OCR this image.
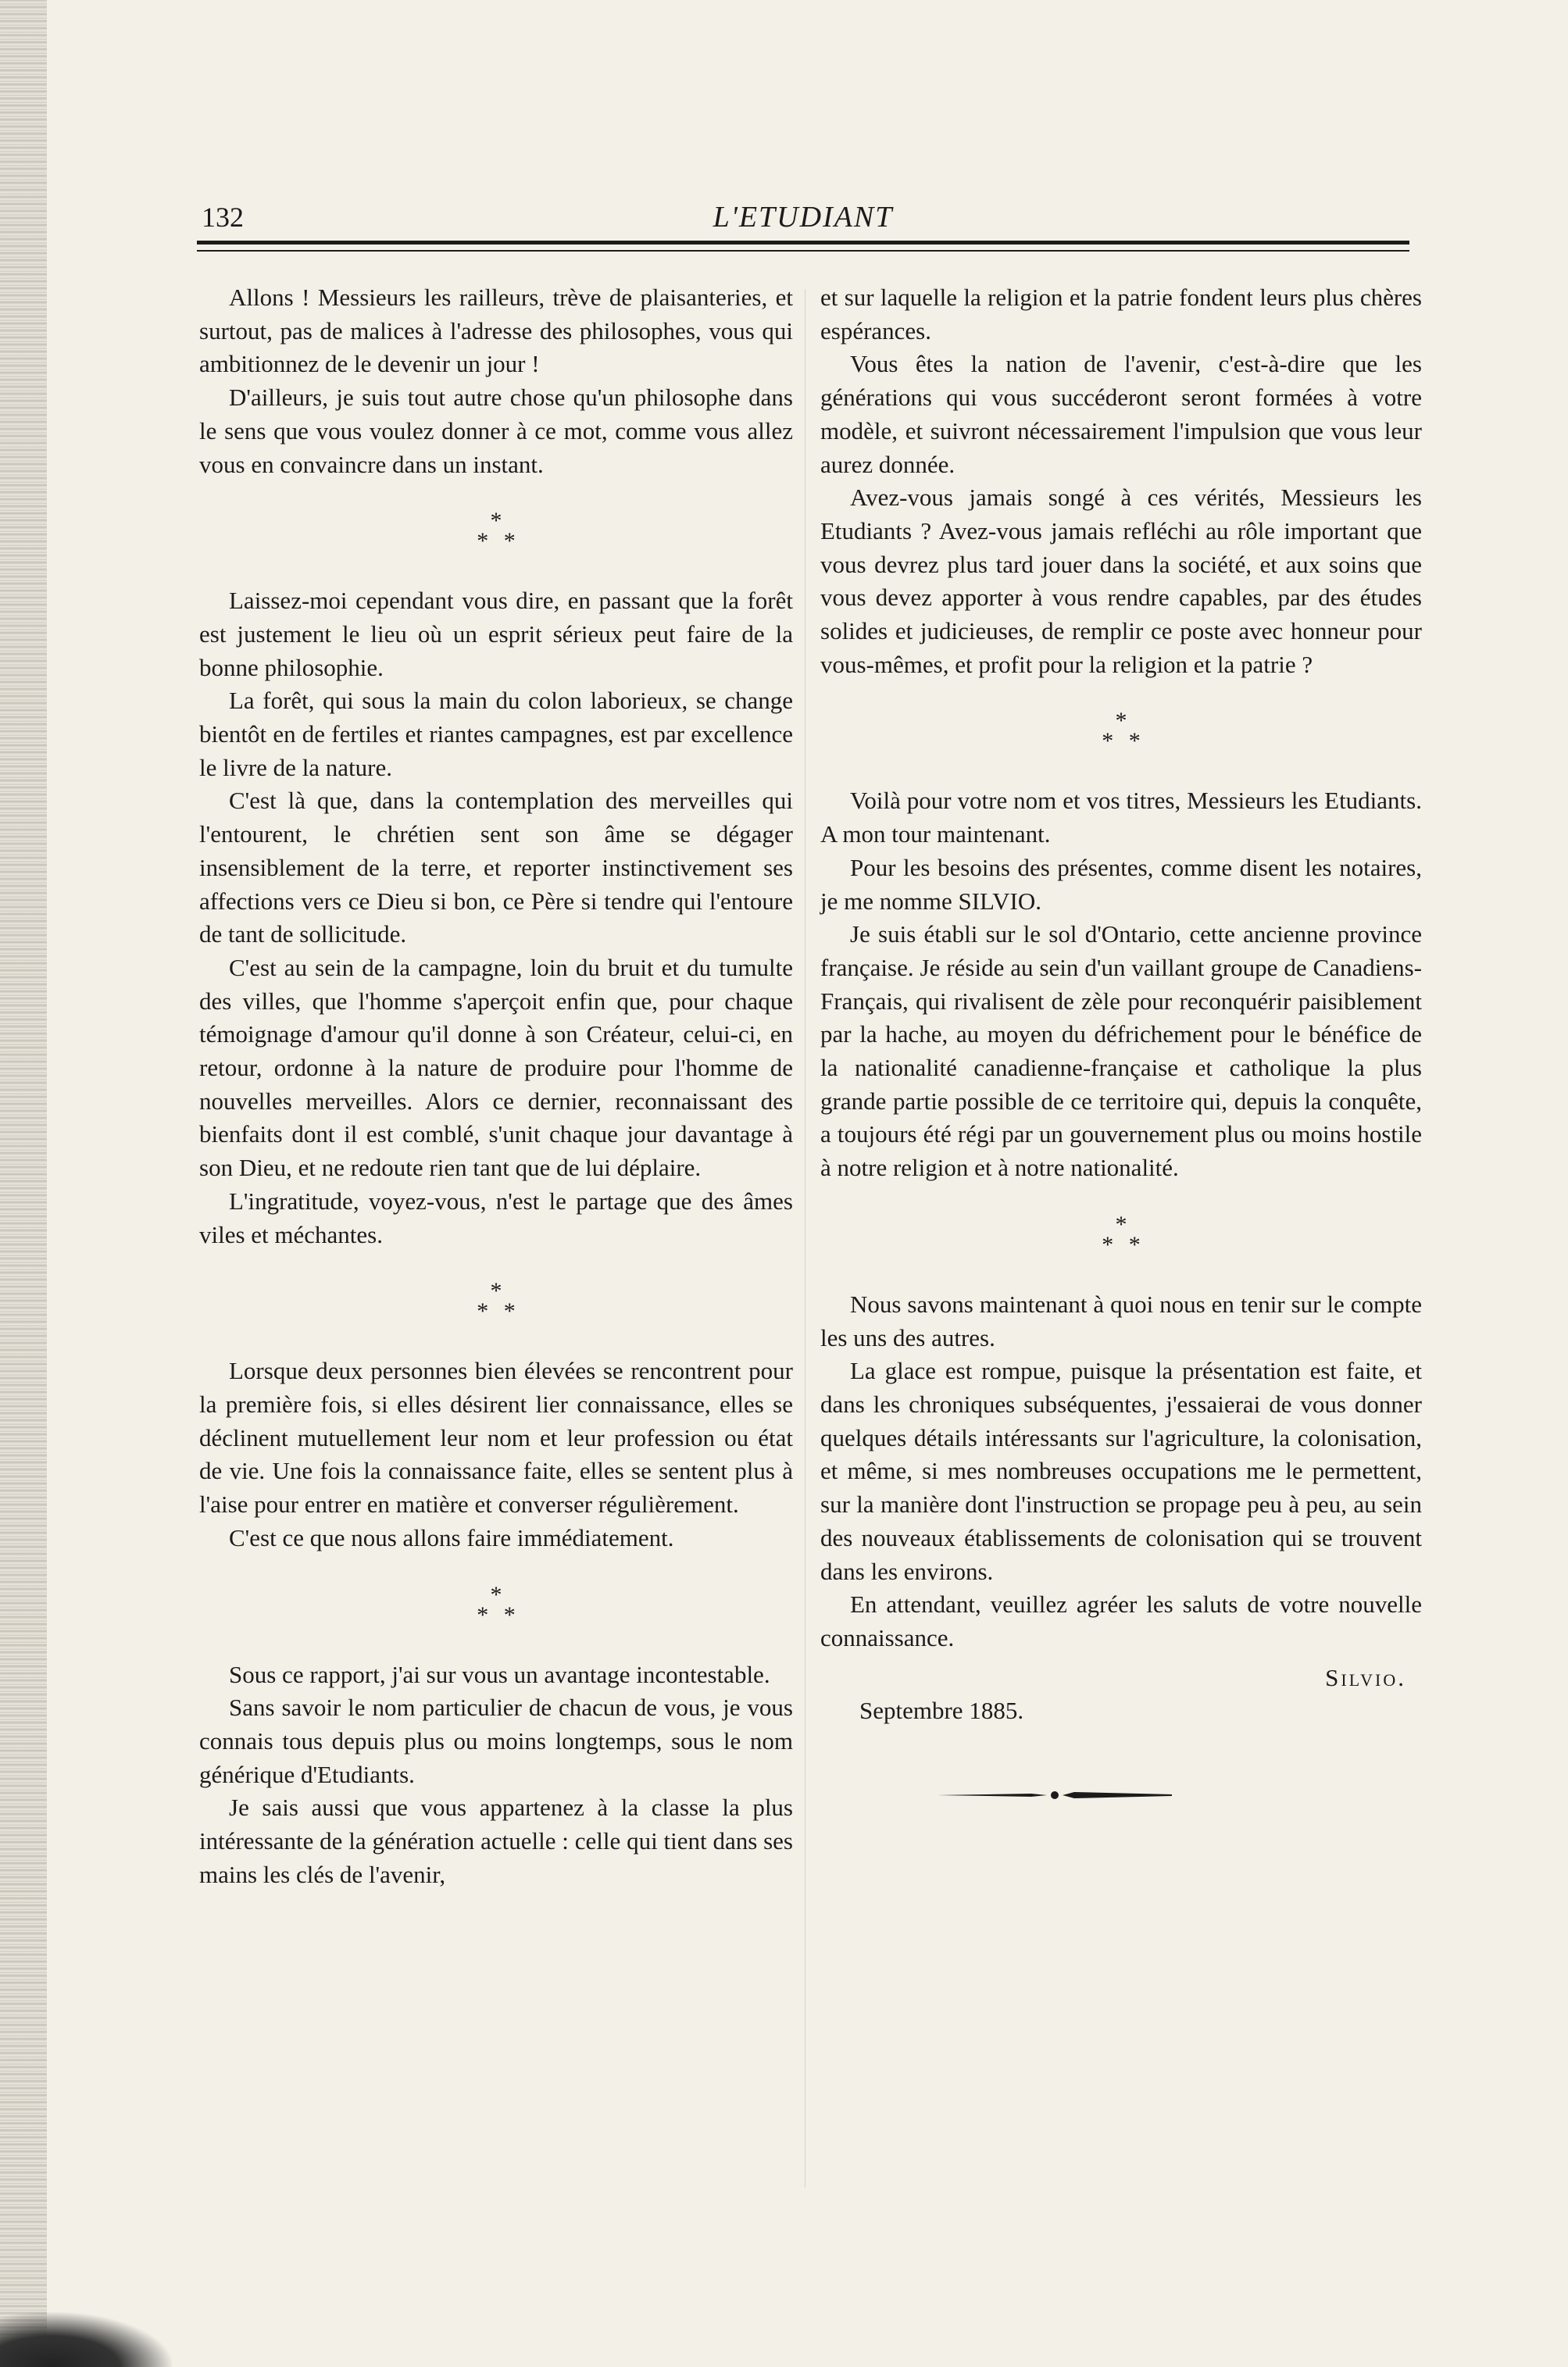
132	L'ETUDIANT

Allons ! Messieurs les railleurs, trève de plaisanteries, et surtout, pas de malices à l'adresse des philosophes, vous qui ambitionnez de le devenir un jour !

D'ailleurs, je suis tout autre chose qu'un philosophe dans le sens que vous voulez donner à ce mot, comme vous allez vous en convaincre dans un instant.

*
* *

Laissez-moi cependant vous dire, en passant que la forêt est justement le lieu où un esprit sérieux peut faire de la bonne philosophie.

La forêt, qui sous la main du colon laborieux, se change bientôt en de fertiles et riantes campagnes, est par excellence le livre de la nature.

C'est là que, dans la contemplation des merveilles qui l'entourent, le chrétien sent son âme se dégager insensiblement de la terre, et reporter instinctivement ses affections vers ce Dieu si bon, ce Père si tendre qui l'entoure de tant de sollicitude.

C'est au sein de la campagne, loin du bruit et du tumulte des villes, que l'homme s'aperçoit enfin que, pour chaque témoignage d'amour qu'il donne à son Créateur, celui-ci, en retour, ordonne à la nature de produire pour l'homme de nouvelles merveilles. Alors ce dernier, reconnaissant des bienfaits dont il est comblé, s'unit chaque jour davantage à son Dieu, et ne redoute rien tant que de lui déplaire.

L'ingratitude, voyez-vous, n'est le partage que des âmes viles et méchantes.

*
* *

Lorsque deux personnes bien élevées se rencontrent pour la première fois, si elles désirent lier connaissance, elles se déclinent mutuellement leur nom et leur profession ou état de vie. Une fois la connaissance faite, elles se sentent plus à l'aise pour entrer en matière et converser régulièrement.

C'est ce que nous allons faire immédiatement.

*
* *

Sous ce rapport, j'ai sur vous un avantage incontestable.

Sans savoir le nom particulier de chacun de vous, je vous connais tous depuis plus ou moins longtemps, sous le nom générique d'Etudiants.

Je sais aussi que vous appartenez à la classe la plus intéressante de la génération actuelle : celle qui tient dans ses mains les clés de l'avenir,

et sur laquelle la religion et la patrie fondent leurs plus chères espérances.

Vous êtes la nation de l'avenir, c'est-à-dire que les générations qui vous succéderont seront formées à votre modèle, et suivront nécessairement l'impulsion que vous leur aurez donnée.

Avez-vous jamais songé à ces vérités, Messieurs les Etudiants ? Avez-vous jamais refléchi au rôle important que vous devrez plus tard jouer dans la société, et aux soins que vous devez apporter à vous rendre capables, par des études solides et judicieuses, de remplir ce poste avec honneur pour vous-mêmes, et profit pour la religion et la patrie ?

*
* *

Voilà pour votre nom et vos titres, Messieurs les Etudiants. A mon tour maintenant.

Pour les besoins des présentes, comme disent les notaires, je me nomme SILVIO.

Je suis établi sur le sol d'Ontario, cette ancienne province française. Je réside au sein d'un vaillant groupe de Canadiens-Français, qui rivalisent de zèle pour reconquérir paisiblement par la hache, au moyen du défrichement pour le bénéfice de la nationalité canadienne-française et catholique la plus grande partie possible de ce territoire qui, depuis la conquête, a toujours été régi par un gouvernement plus ou moins hostile à notre religion et à notre nationalité.

*
* *

Nous savons maintenant à quoi nous en tenir sur le compte les uns des autres.

La glace est rompue, puisque la présentation est faite, et dans les chroniques subséquentes, j'essaierai de vous donner quelques détails intéressants sur l'agriculture, la colonisation, et même, si mes nombreuses occupations me le permettent, sur la manière dont l'instruction se propage peu à peu, au sein des nouveaux établissements de colonisation qui se trouvent dans les environs.

En attendant, veuillez agréer les saluts de votre nouvelle connaissance.

Silvio.

Septembre 1885.
